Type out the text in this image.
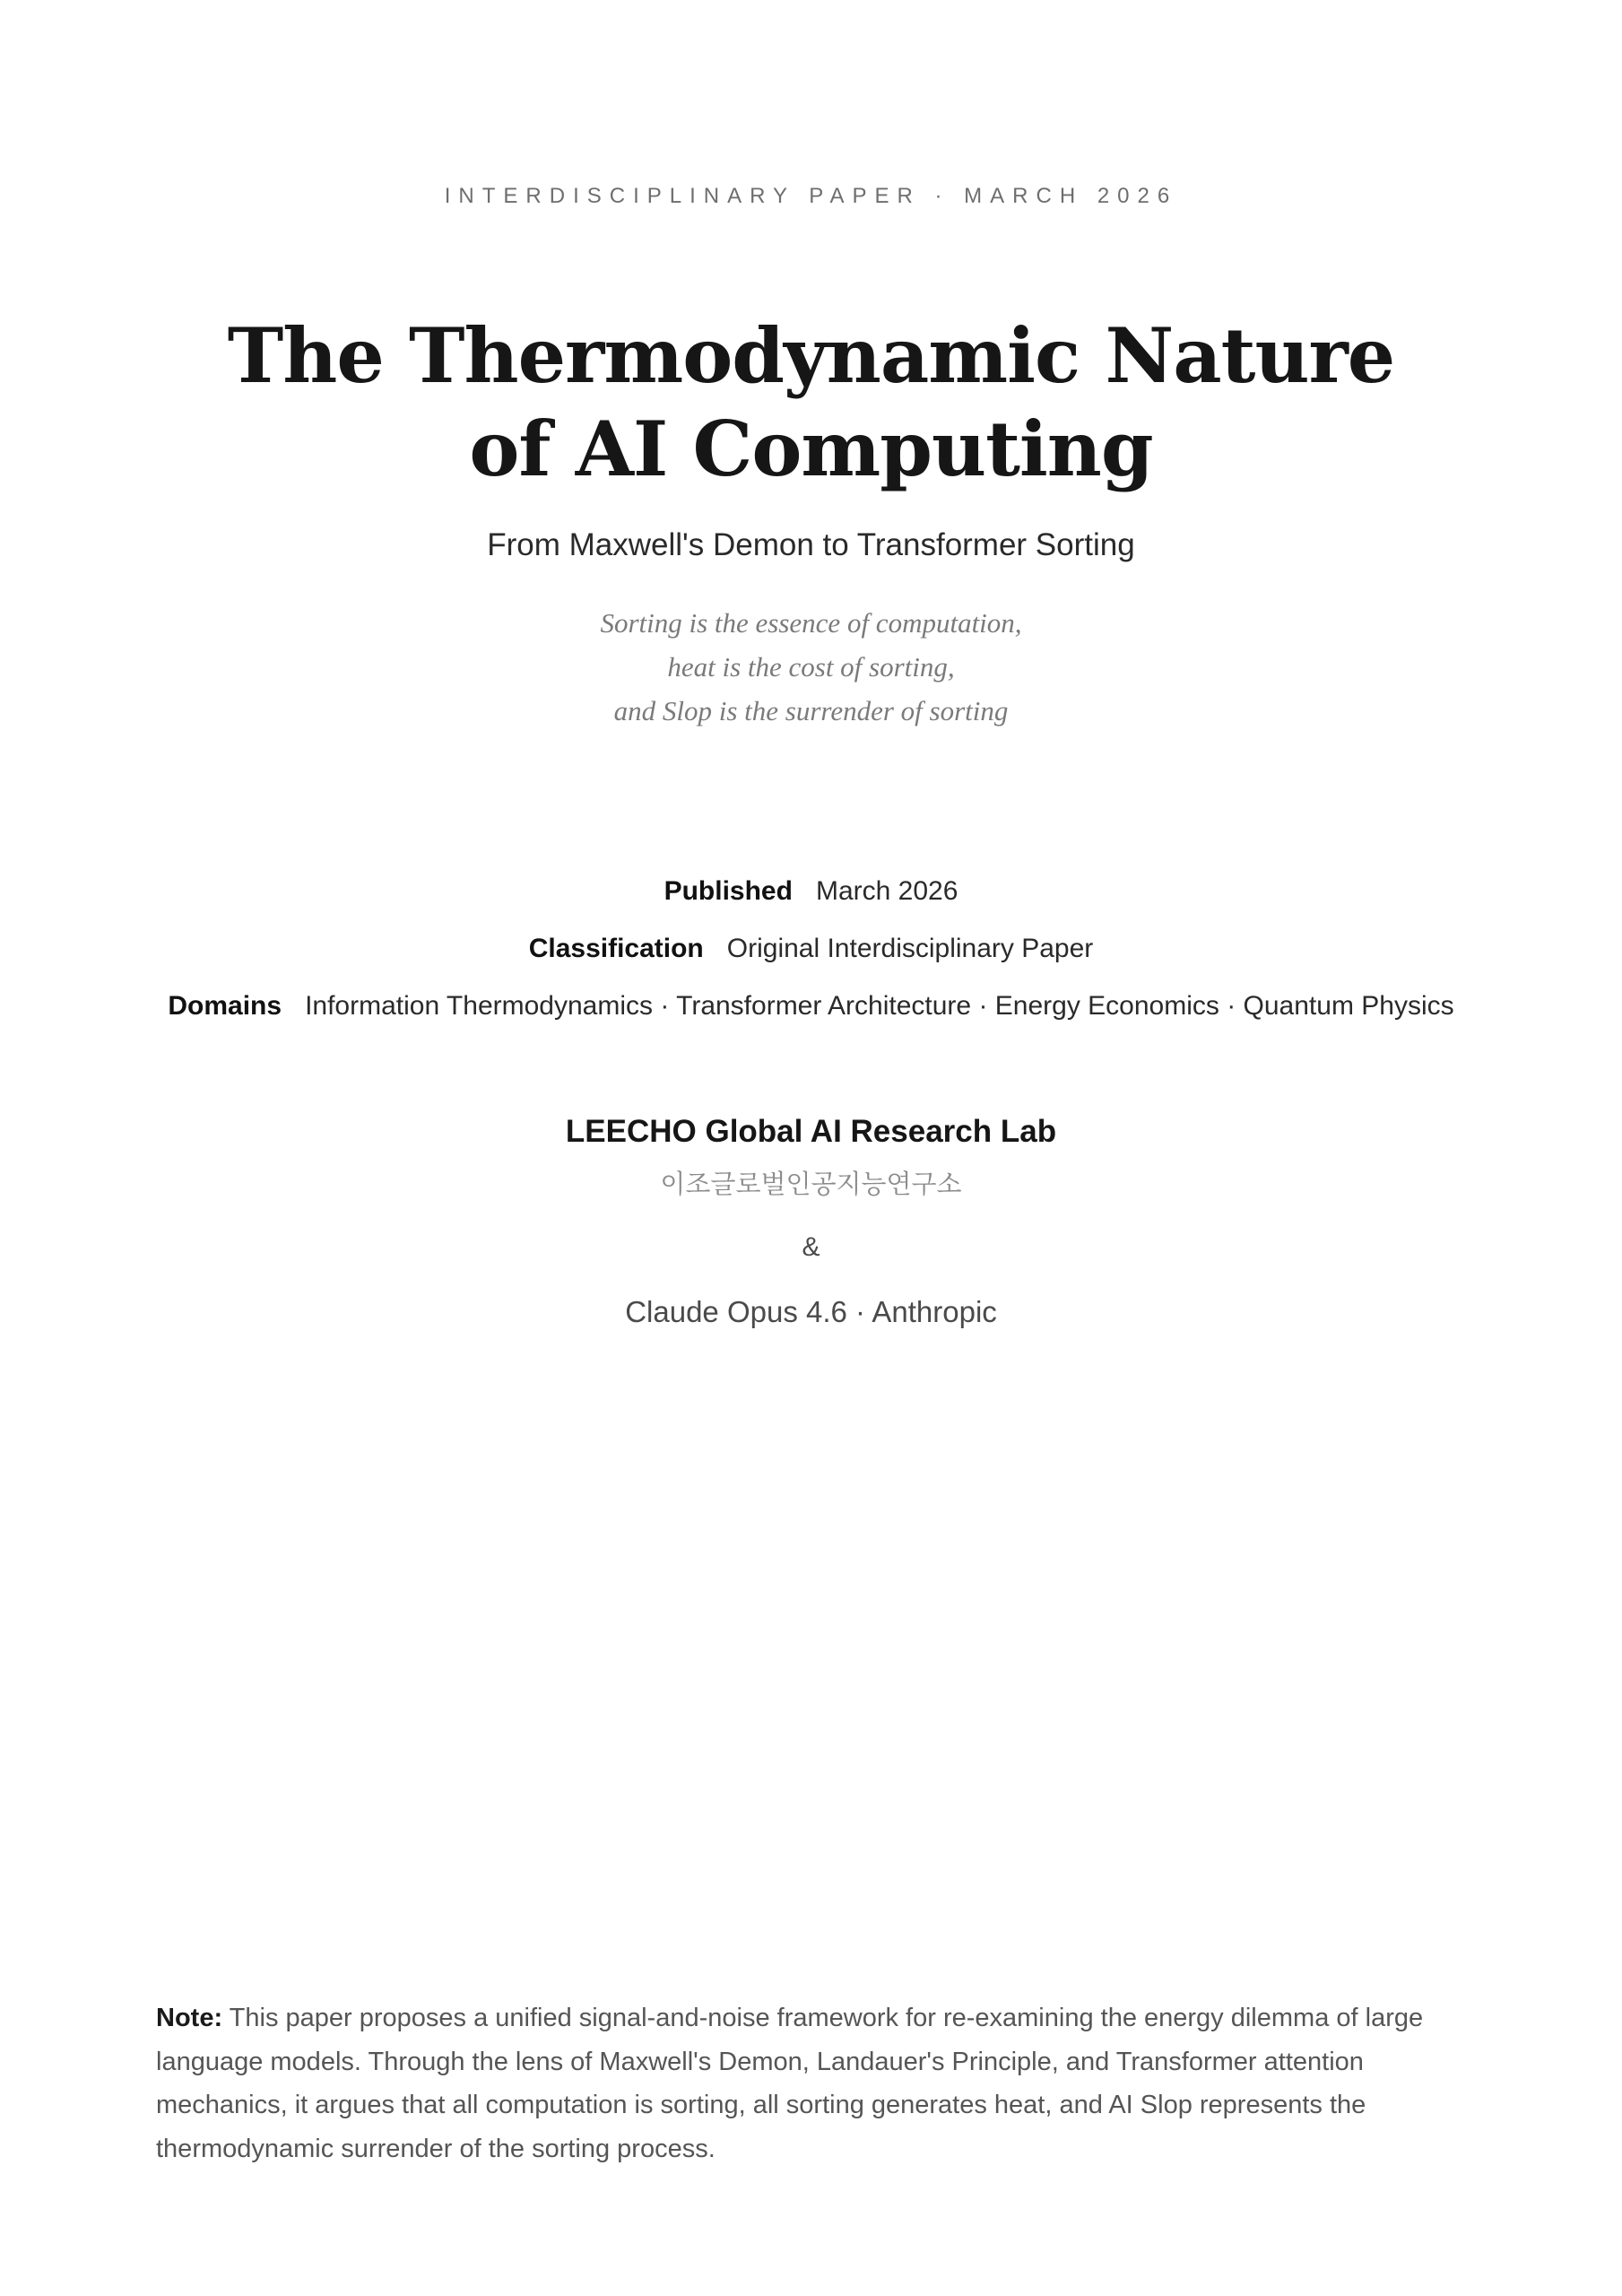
INTERDISCIPLINARY PAPER · MARCH 2026
The Thermodynamic Nature of AI Computing
From Maxwell's Demon to Transformer Sorting
Sorting is the essence of computation,
heat is the cost of sorting,
and Slop is the surrender of sorting
Published March 2026
Classification Original Interdisciplinary Paper
Domains Information Thermodynamics · Transformer Architecture · Energy Economics · Quantum Physics
LEECHO Global AI Research Lab
이조글로벌인공지능연구소
&
Claude Opus 4.6 · Anthropic
Note: This paper proposes a unified signal-and-noise framework for re-examining the energy dilemma of large language models. Through the lens of Maxwell's Demon, Landauer's Principle, and Transformer attention mechanics, it argues that all computation is sorting, all sorting generates heat, and AI Slop represents the thermodynamic surrender of the sorting process.
